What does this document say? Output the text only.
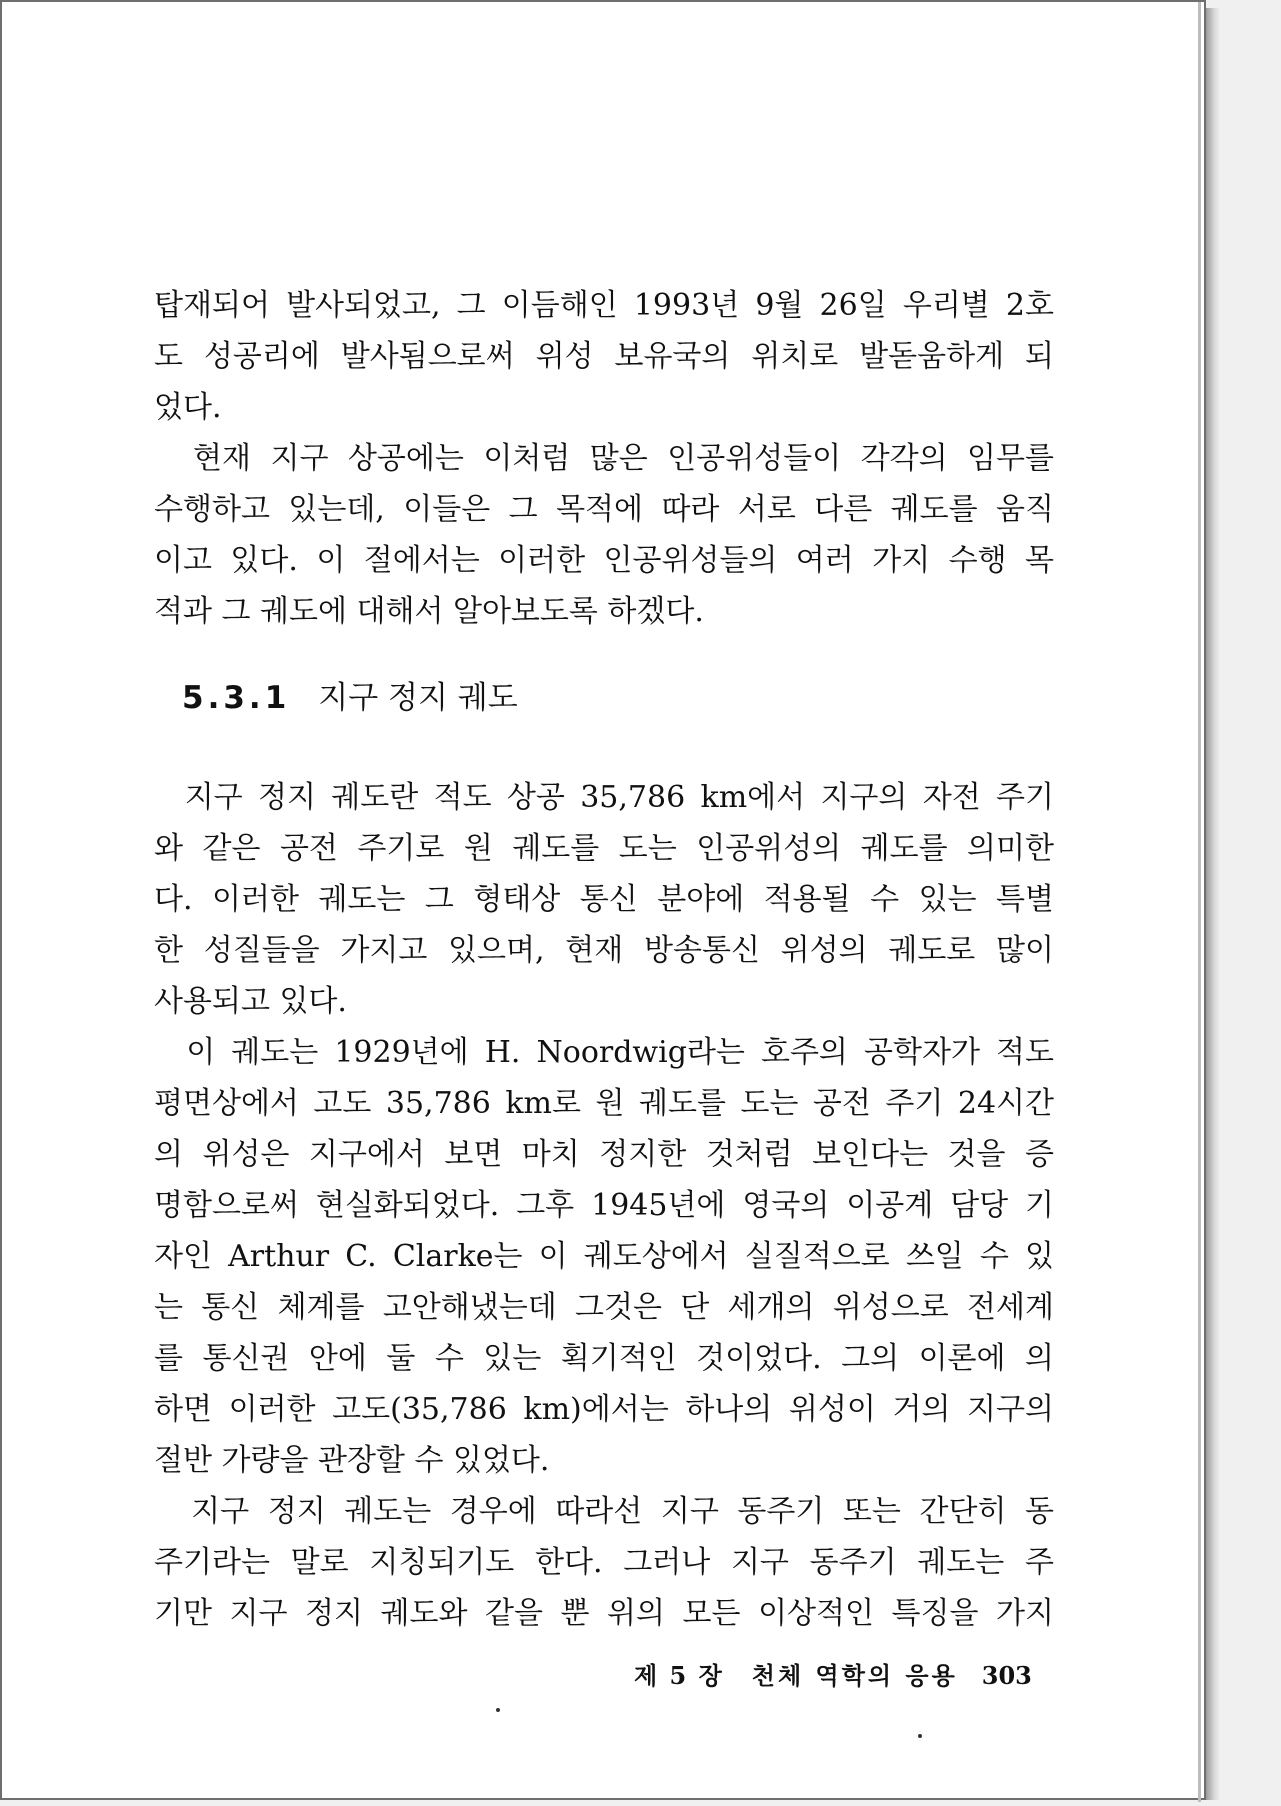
탑재되어 발사되었고, 그 이듬해인 1993년 9월 26일 우리별 2호
도 성공리에 발사됨으로써 위성 보유국의 위치로 발돋움하게 되
었다.
현재 지구 상공에는 이처럼 많은 인공위성들이 각각의 임무를
수행하고 있는데, 이들은 그 목적에 따라 서로 다른 궤도를 움직
이고 있다. 이 절에서는 이러한 인공위성들의 여러 가지 수행 목
적과 그 궤도에 대해서 알아보도록 하겠다.
5.3.1 지구 정지 궤도
지구 정지 궤도란 적도 상공 35,786 km에서 지구의 자전 주기
와 같은 공전 주기로 원 궤도를 도는 인공위성의 궤도를 의미한
다. 이러한 궤도는 그 형태상 통신 분야에 적용될 수 있는 특별
한 성질들을 가지고 있으며, 현재 방송통신 위성의 궤도로 많이
사용되고 있다.
이 궤도는 1929년에 H. Noordwig라는 호주의 공학자가 적도
평면상에서 고도 35,786 km로 원 궤도를 도는 공전 주기 24시간
의 위성은 지구에서 보면 마치 정지한 것처럼 보인다는 것을 증
명함으로써 현실화되었다. 그후 1945년에 영국의 이공계 담당 기
자인 Arthur C. Clarke는 이 궤도상에서 실질적으로 쓰일 수 있
는 통신 체계를 고안해냈는데 그것은 단 세개의 위성으로 전세계
를 통신권 안에 둘 수 있는 획기적인 것이었다. 그의 이론에 의
하면 이러한 고도(35,786 km)에서는 하나의 위성이 거의 지구의
절반 가량을 관장할 수 있었다.
지구 정지 궤도는 경우에 따라선 지구 동주기 또는 간단히 동
주기라는 말로 지칭되기도 한다. 그러나 지구 동주기 궤도는 주
기만 지구 정지 궤도와 같을 뿐 위의 모든 이상적인 특징을 가지
제 5 장 천체 역학의 응용 303
